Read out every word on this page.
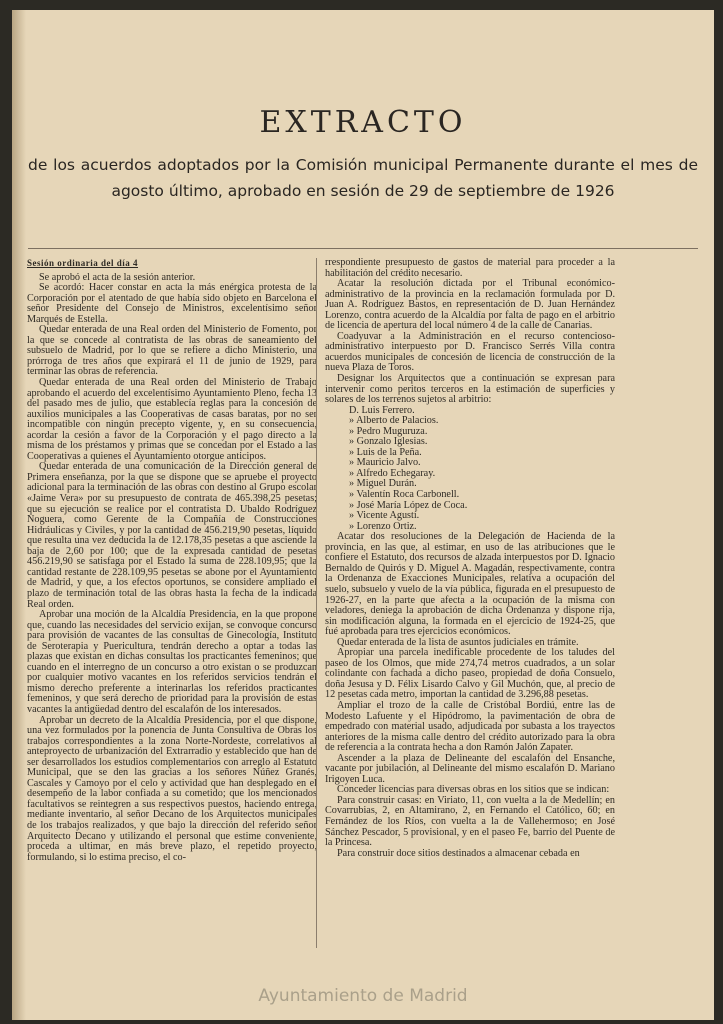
EXTRACTO
de los acuerdos adoptados por la Comisión municipal Permanente durante el mes de agosto último, aprobado en sesión de 29 de septiembre de 1926

Sesión ordinaria del día 4

Se aprobó el acta de la sesión anterior.

Se acordó: Hacer constar en acta la más enérgica protesta de la Corporación por el atentado de que había sido objeto en Barcelona el señor Presidente del Consejo de Ministros, excelentísimo señor Marqués de Estella.

Quedar enterada de una Real orden del Ministerio de Fomento, por la que se concede al contratista de las obras de saneamiento del subsuelo de Madrid, por lo que se refiere a dicho Ministerio, una prórroga de tres años que expirará el 11 de junio de 1929, para terminar las obras de referencia.

Quedar enterada de una Real orden del Ministerio de Trabajo aprobando el acuerdo del excelentísimo Ayuntamiento Pleno, fecha 13 del pasado mes de julio, que establecía reglas para la concesión de auxilios municipales a las Cooperativas de casas baratas, por no ser incompatible con ningún precepto vigente, y, en su consecuencia, acordar la cesión a favor de la Corporación y el pago directo a la misma de los préstamos y primas que se concedan por el Estado a las Cooperativas a quienes el Ayuntamiento otorgue anticipos.

Quedar enterada de una comunicación de la Dirección general de Primera enseñanza, por la que se dispone que se apruebe el proyecto adicional para la terminación de las obras con destino al Grupo escolar «Jaime Vera» por su presupuesto de contrata de 465.398,25 pesetas; que su ejecución se realice por el contratista D. Ubaldo Rodríguez Noguera, como Gerente de la Compañía de Construcciones Hidráulicas y Civiles, y por la cantidad de 456.219,90 pesetas, líquido que resulta una vez deducida la de 12.178,35 pesetas a que asciende la baja de 2,60 por 100; que de la expresada cantidad de pesetas 456.219,90 se satisfaga por el Estado la suma de 228.109,95; que la cantidad restante de 228.109,95 pesetas se abone por el Ayuntamiento de Madrid, y que, a los efectos oportunos, se considere ampliado el plazo de terminación total de las obras hasta la fecha de la indicada Real orden.

Aprobar una moción de la Alcaldía Presidencia, en la que propone que, cuando las necesidades del servicio exijan, se convoque concurso para provisión de vacantes de las consultas de Ginecología, Instituto de Seroterapia y Puericultura, tendrán derecho a optar a todas las plazas que existan en dichas consultas los practicantes femeninos; que cuando en el interregno de un concurso a otro existan o se produzcan por cualquier motivo vacantes en los referidos servicios tendrán el mismo derecho preferente a interinarlas los referidos practicantes femeninos, y que será derecho de prioridad para la provisión de estas vacantes la antigüedad dentro del escalafón de los interesados.

Aprobar un decreto de la Alcaldía Presidencia, por el que dispone, una vez formulados por la ponencia de Junta Consultiva de Obras los trabajos correspondientes a la zona Norte-Nordeste, correlativos al anteproyecto de urbanización del Extrarradio y establecido que han de ser desarrollados los estudios complementarios con arreglo al Estatuto Municipal, que se den las gracias a los señores Núñez Granés, Cascales y Camoyo por el celo y actividad que han desplegado en el desempeño de la labor confiada a su cometido; que los mencionados facultativos se reintegren a sus respectivos puestos, haciendo entrega, mediante inventario, al señor Decano de los Arquitectos municipales de los trabajos realizados, y que bajo la dirección del referido señor Arquitecto Decano y utilizando el personal que estime conveniente, proceda a ultimar, en más breve plazo, el repetido proyecto, formulando, si lo estima preciso, el co-

rrespondiente presupuesto de gastos de material para proceder a la habilitación del crédito necesario.

Acatar la resolución dictada por el Tribunal económico-administrativo de la provincia en la reclamación formulada por D. Juan A. Rodríguez Bastos, en representación de D. Juan Hernández Lorenzo, contra acuerdo de la Alcaldía por falta de pago en el arbitrio de licencia de apertura del local número 4 de la calle de Canarias.

Coadyuvar a la Administración en el recurso contencioso-administrativo interpuesto por D. Francisco Serrés Villa contra acuerdos municipales de concesión de licencia de construcción de la nueva Plaza de Toros.

Designar los Arquitectos que a continuación se expresan para intervenir como peritos terceros en la estimación de superficies y solares de los terrenos sujetos al arbitrio:

D. Luis Ferrero.
» Alberto de Palacios.
» Pedro Muguruza.
» Gonzalo Iglesias.
» Luis de la Peña.
» Mauricio Jalvo.
» Alfredo Echegaray.
» Miguel Durán.
» Valentín Roca Carbonell.
» José María López de Coca.
» Vicente Agustí.
» Lorenzo Ortiz.

Acatar dos resoluciones de la Delegación de Hacienda de la provincia, en las que, al estimar, en uso de las atribuciones que le confiere el Estatuto, dos recursos de alzada interpuestos por D. Ignacio Bernaldo de Quirós y D. Miguel A. Magadán, respectivamente, contra la Ordenanza de Exacciones Municipales, relativa a ocupación del suelo, subsuelo y vuelo de la vía pública, figurada en el presupuesto de 1926-27, en la parte que afecta a la ocupación de la misma con veladores, deniega la aprobación de dicha Ordenanza y dispone rija, sin modificación alguna, la formada en el ejercicio de 1924-25, que fué aprobada para tres ejercicios económicos.

Quedar enterada de la lista de asuntos judiciales en trámite.

Apropiar una parcela inedificable procedente de los taludes del paseo de los Olmos, que mide 274,74 metros cuadrados, a un solar colindante con fachada a dicho paseo, propiedad de doña Consuelo, doña Jesusa y D. Félix Lisardo Calvo y Gil Muchón, que, al precio de 12 pesetas cada metro, importan la cantidad de 3.296,88 pesetas.

Ampliar el trozo de la calle de Cristóbal Bordiú, entre las de Modesto Lafuente y el Hipódromo, la pavimentación de obra de empedrado con material usado, adjudicada por subasta a los trayectos anteriores de la misma calle dentro del crédito autorizado para la obra de referencia a la contrata hecha a don Ramón Jalón Zapater.

Ascender a la plaza de Delineante del escalafón del Ensanche, vacante por jubilación, al Delineante del mismo escalafón D. Mariano Irigoyen Luca.

Conceder licencias para diversas obras en los sitios que se indican:

Para construir casas: en Viriato, 11, con vuelta a la de Medellín; en Covarrubias, 2, en Altamirano, 2, en Fernando el Católico, 60; en Fernández de los Ríos, con vuelta a la de Vallehermoso; en José Sánchez Pescador, 5 provisional, y en el paseo Fe, barrio del Puente de la Princesa.

Para construir doce sitios destinados a almacenar cebada en

Ayuntamiento de Madrid
